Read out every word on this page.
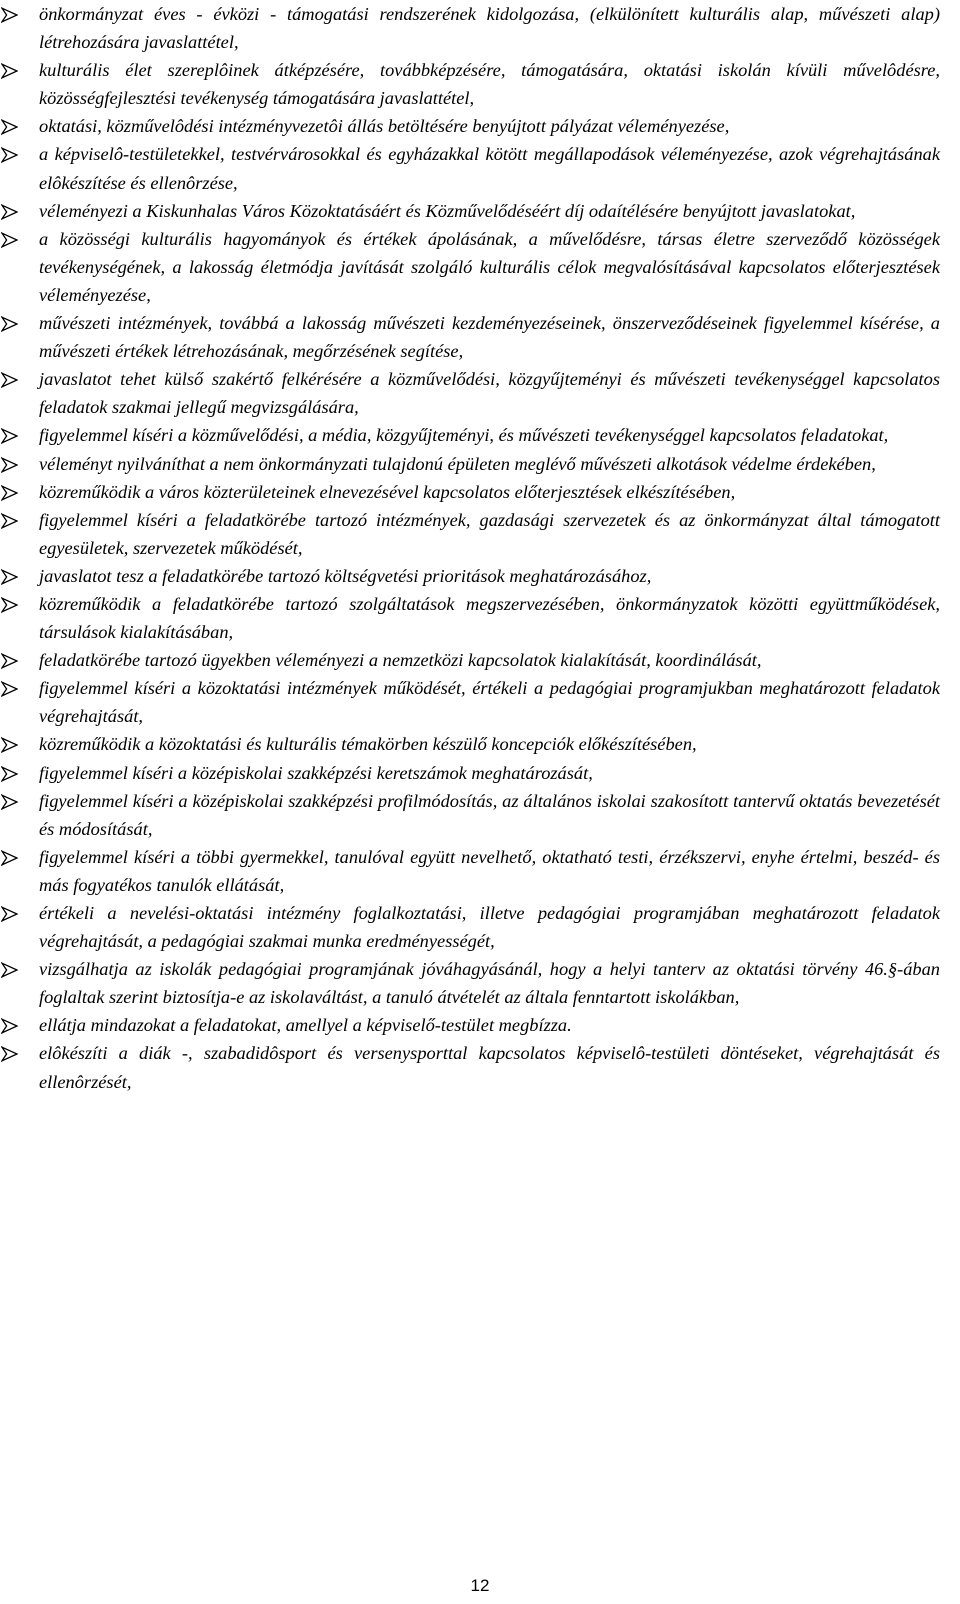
önkormányzat éves - évközi - támogatási rendszerének kidolgozása, (elkülönített kulturális alap, művészeti alap) létrehozására javaslattétel,
kulturális élet szereplôinek átképzésére, továbbképzésére, támogatására, oktatási iskolán kívüli művelôdésre, közösségfejlesztési tevékenység támogatására javaslattétel,
oktatási, közművelôdési intézményvezetôi állás betöltésére benyújtott pályázat véleményezése,
a képviselô-testületekkel, testvérvárosokkal és egyházakkal kötött megállapodások véleményezése, azok végrehajtásának elôkészítése és ellenôrzése,
véleményezi a Kiskunhalas Város Közoktatásáért és Közművelődéséért díj odaítélésére benyújtott javaslatokat,
a közösségi kulturális hagyományok és értékek ápolásának, a művelődésre, társas életre szerveződő közösségek tevékenységének, a lakosság életmódja javítását szolgáló kulturális célok megvalósításával kapcsolatos előterjesztések véleményezése,
művészeti intézmények, továbbá a lakosság művészeti kezdeményezéseinek, önszerveződéseinek figyelemmel kísérése, a művészeti értékek létrehozásának, megőrzésének segítése,
javaslatot tehet külső szakértő felkérésére a közművelődési, közgyűjteményi és művészeti tevékenységgel kapcsolatos feladatok szakmai jellegű megvizsgálására,
figyelemmel kíséri a közművelődési, a média, közgyűjteményi, és művészeti tevékenységgel kapcsolatos feladatokat,
véleményt nyilváníthat a nem önkormányzati tulajdonú épületen meglévő művészeti alkotások védelme érdekében,
közreműködik a város közterületeinek elnevezésével kapcsolatos előterjesztések elkészítésében,
figyelemmel kíséri a feladatkörébe tartozó intézmények, gazdasági szervezetek és az önkormányzat által támogatott egyesületek, szervezetek működését,
javaslatot tesz a feladatkörébe tartozó költségvetési prioritások meghatározásához,
közreműködik a feladatkörébe tartozó szolgáltatások megszervezésében, önkormányzatok közötti együttműködések, társulások kialakításában,
feladatkörébe tartozó ügyekben véleményezi a nemzetközi kapcsolatok kialakítását, koordinálását,
figyelemmel kíséri a közoktatási intézmények működését, értékeli a pedagógiai programjukban meghatározott feladatok végrehajtását,
közreműködik a közoktatási és kulturális témakörben készülő koncepciók előkészítésében,
figyelemmel kíséri a középiskolai szakképzési keretszámok meghatározását,
figyelemmel kíséri a középiskolai szakképzési profilmódosítás, az általános iskolai szakosított tantervű oktatás bevezetését és módosítását,
figyelemmel kíséri a többi gyermekkel, tanulóval együtt nevelhető, oktatható testi, érzékszervi, enyhe értelmi, beszéd- és más fogyatékos tanulók ellátását,
értékeli a nevelési-oktatási intézmény foglalkoztatási, illetve pedagógiai programjában meghatározott feladatok végrehajtását, a pedagógiai szakmai munka eredményességét,
vizsgálhatja az iskolák pedagógiai programjának jóváhagyásánál, hogy a helyi tanterv az oktatási törvény 46.§-ában foglaltak szerint biztosítja-e az iskolaváltást, a tanuló átvételét az általa fenntartott iskolákban,
ellátja mindazokat a feladatokat, amellyel a képviselő-testület megbízza.
elôkészíti a diák -, szabadidôsport és versenysporttal kapcsolatos képviselô-testületi döntéseket, végrehajtását és ellenôrzését,
12
